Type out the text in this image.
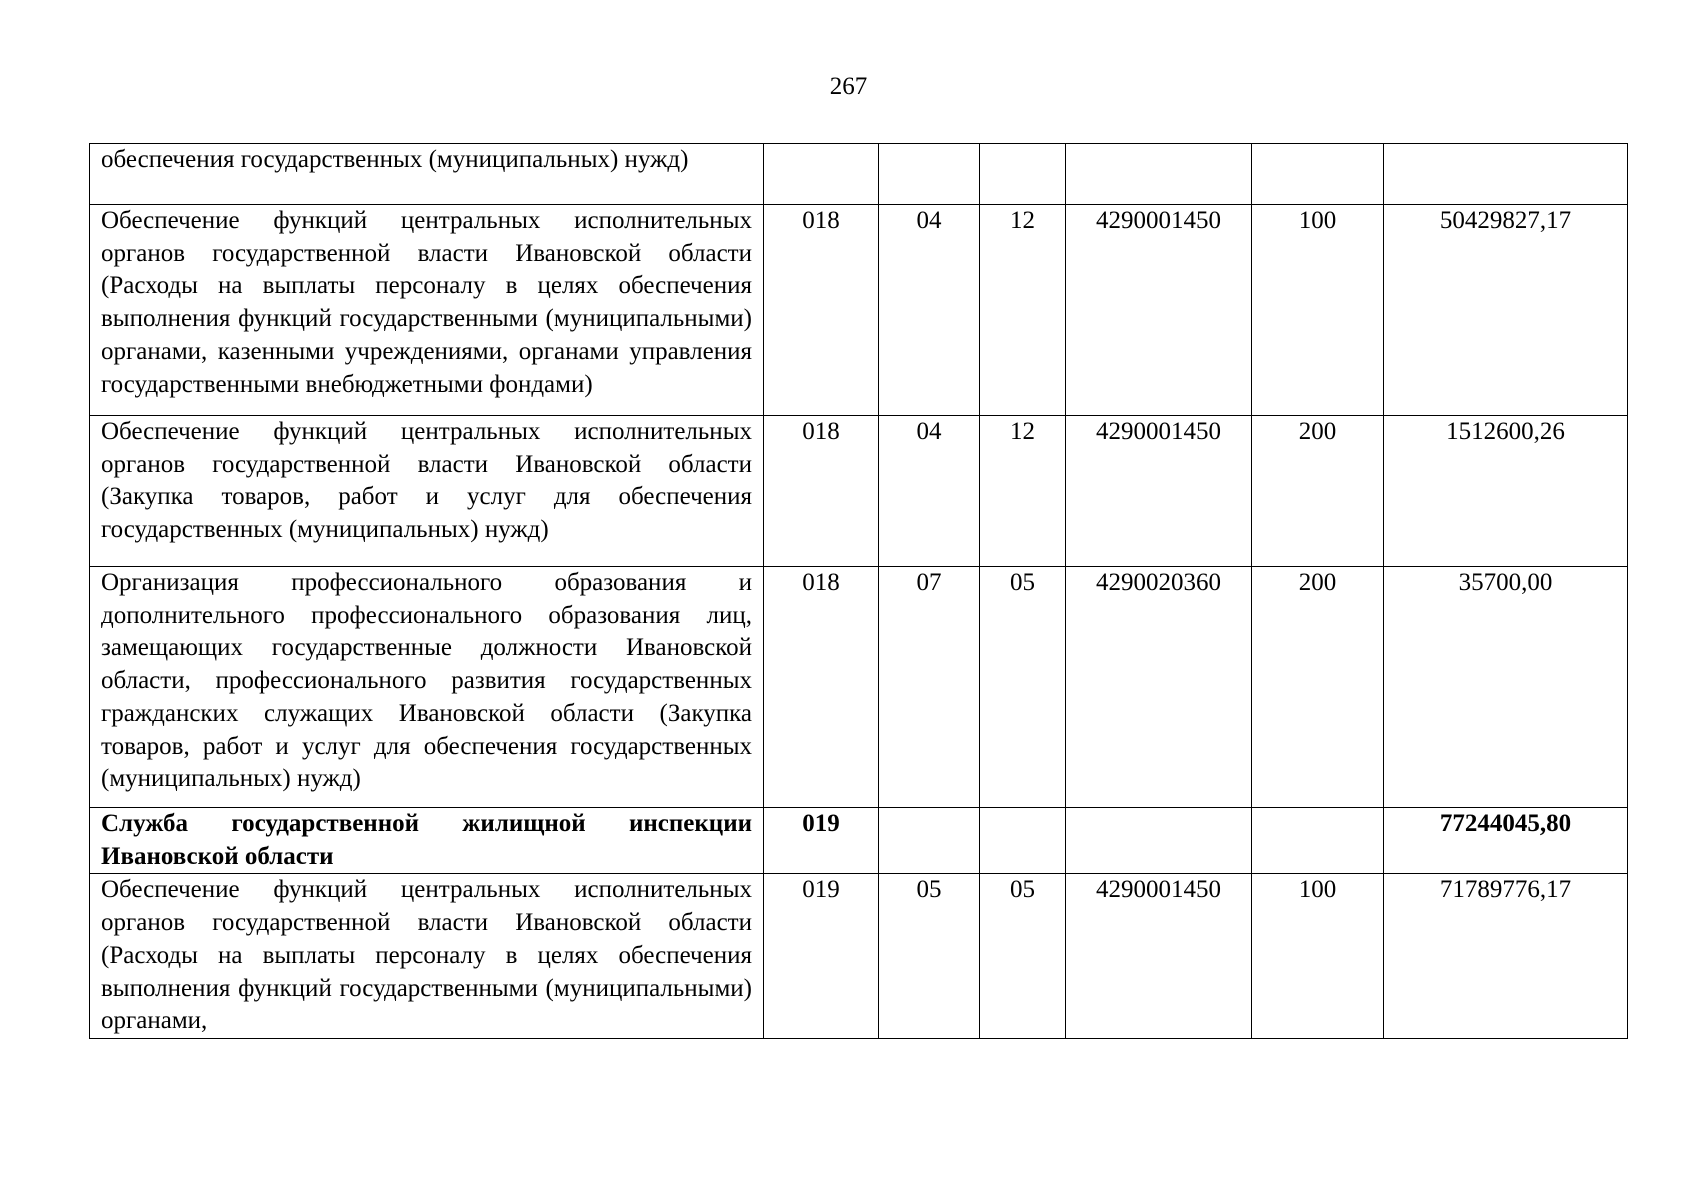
267
обеспечения государственных (муниципальных) нужд)						
Обеспечение функций центральных исполнительных органов государственной власти Ивановской области (Расходы на выплаты персоналу в целях обеспечения выполнения функций государственными (муниципальными) органами, казенными учреждениями, органами управления государственными внебюджетными фондами)	018	04	12	4290001450	100	50429827,17
Обеспечение функций центральных исполнительных органов государственной власти Ивановской области (Закупка товаров, работ и услуг для обеспечения государственных (муниципальных) нужд)	018	04	12	4290001450	200	1512600,26
Организация профессионального образования и дополнительного профессионального образования лиц, замещающих государственные должности Ивановской области, профессионального развития государственных гражданских служащих Ивановской области (Закупка товаров, работ и услуг для обеспечения государственных (муниципальных) нужд)	018	07	05	4290020360	200	35700,00
Служба государственной жилищной инспекции Ивановской области	019					77244045,80
Обеспечение функций центральных исполнительных органов государственной власти Ивановской области (Расходы на выплаты персоналу в целях обеспечения выполнения функций государственными (муниципальными) органами,	019	05	05	4290001450	100	71789776,17
